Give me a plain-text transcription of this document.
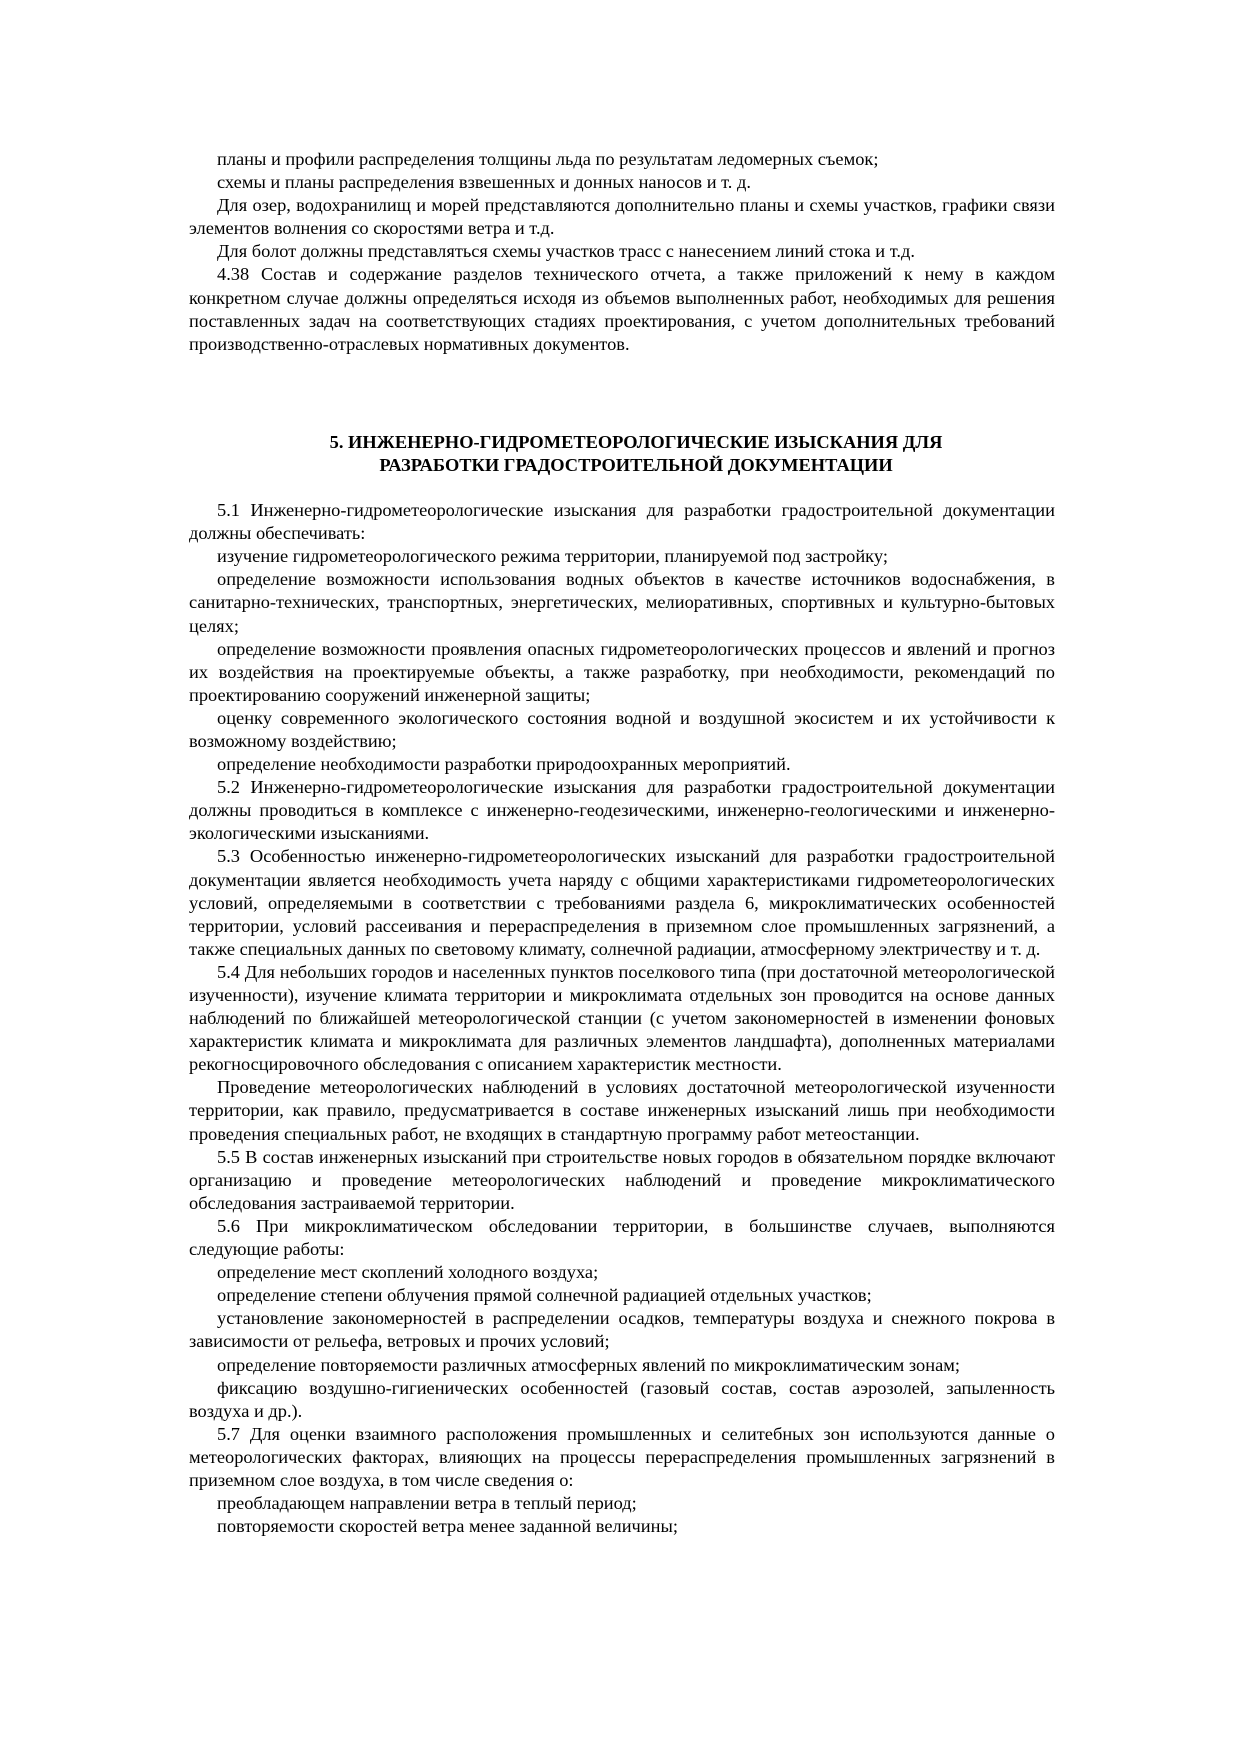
планы и профили распределения толщины льда по результатам ледомерных съемок;

схемы и планы распределения взвешенных и донных наносов и т. д.

Для озер, водохранилищ и морей представляются дополнительно планы и схемы участков, графики связи элементов волнения со скоростями ветра и т.д.

Для болот должны представляться схемы участков трасс с нанесением линий стока и т.д.

4.38 Состав и содержание разделов технического отчета, а также приложений к нему в каждом конкретном случае должны определяться исходя из объемов выполненных работ, необходимых для решения поставленных задач на соответствующих стадиях проектирования, с учетом дополнительных требований производственно-отраслевых нормативных документов.

5. ИНЖЕНЕРНО-ГИДРОМЕТЕОРОЛОГИЧЕСКИЕ ИЗЫСКАНИЯ ДЛЯ
РАЗРАБОТКИ ГРАДОСТРОИТЕЛЬНОЙ ДОКУМЕНТАЦИИ

5.1 Инженерно-гидрометеорологические изыскания для разработки градостроительной документации должны обеспечивать:

изучение гидрометеорологического режима территории, планируемой под застройку;

определение возможности использования водных объектов в качестве источников водоснабжения, в санитарно-технических, транспортных, энергетических, мелиоративных, спортивных и культурно-бытовых целях;

определение возможности проявления опасных гидрометеорологических процессов и явлений и прогноз их воздействия на проектируемые объекты, а также разработку, при необходимости, рекомендаций по проектированию сооружений инженерной защиты;

оценку современного экологического состояния водной и воздушной экосистем и их устойчивости к возможному воздействию;

определение необходимости разработки природоохранных мероприятий.

5.2 Инженерно-гидрометеорологические изыскания для разработки градостроительной документации должны проводиться в комплексе с инженерно-геодезическими, инженерно-геологическими и инженерно-экологическими изысканиями.

5.3 Особенностью инженерно-гидрометеорологических изысканий для разработки градостроительной документации является необходимость учета наряду с общими характеристиками гидрометеорологических условий, определяемыми в соответствии с требованиями раздела 6, микроклиматических особенностей территории, условий рассеивания и перераспределения в приземном слое промышленных загрязнений, а также специальных данных по световому климату, солнечной радиации, атмосферному электричеству и т. д.

5.4 Для небольших городов и населенных пунктов поселкового типа (при достаточной метеорологической изученности), изучение климата территории и микроклимата отдельных зон проводится на основе данных наблюдений по ближайшей метеорологической станции (с учетом закономерностей в изменении фоновых характеристик климата и микроклимата для различных элементов ландшафта), дополненных материалами рекогносцировочного обследования с описанием характеристик местности.

Проведение метеорологических наблюдений в условиях достаточной метеорологической изученности территории, как правило, предусматривается в составе инженерных изысканий лишь при необходимости проведения специальных работ, не входящих в стандартную программу работ метеостанции.

5.5 В состав инженерных изысканий при строительстве новых городов в обязательном порядке включают организацию и проведение метеорологических наблюдений и проведение микроклиматического обследования застраиваемой территории.

5.6 При микроклиматическом обследовании территории, в большинстве случаев, выполняются следующие работы:

определение мест скоплений холодного воздуха;

определение степени облучения прямой солнечной радиацией отдельных участков;

установление закономерностей в распределении осадков, температуры воздуха и снежного покрова в зависимости от рельефа, ветровых и прочих условий;

определение повторяемости различных атмосферных явлений по микроклиматическим зонам;

фиксацию воздушно-гигиенических особенностей (газовый состав, состав аэрозолей, запыленность воздуха и др.).

5.7 Для оценки взаимного расположения промышленных и селитебных зон используются данные о метеорологических факторах, влияющих на процессы перераспределения промышленных загрязнений в приземном слое воздуха, в том числе сведения о:

преобладающем направлении ветра в теплый период;

повторяемости скоростей ветра менее заданной величины;
